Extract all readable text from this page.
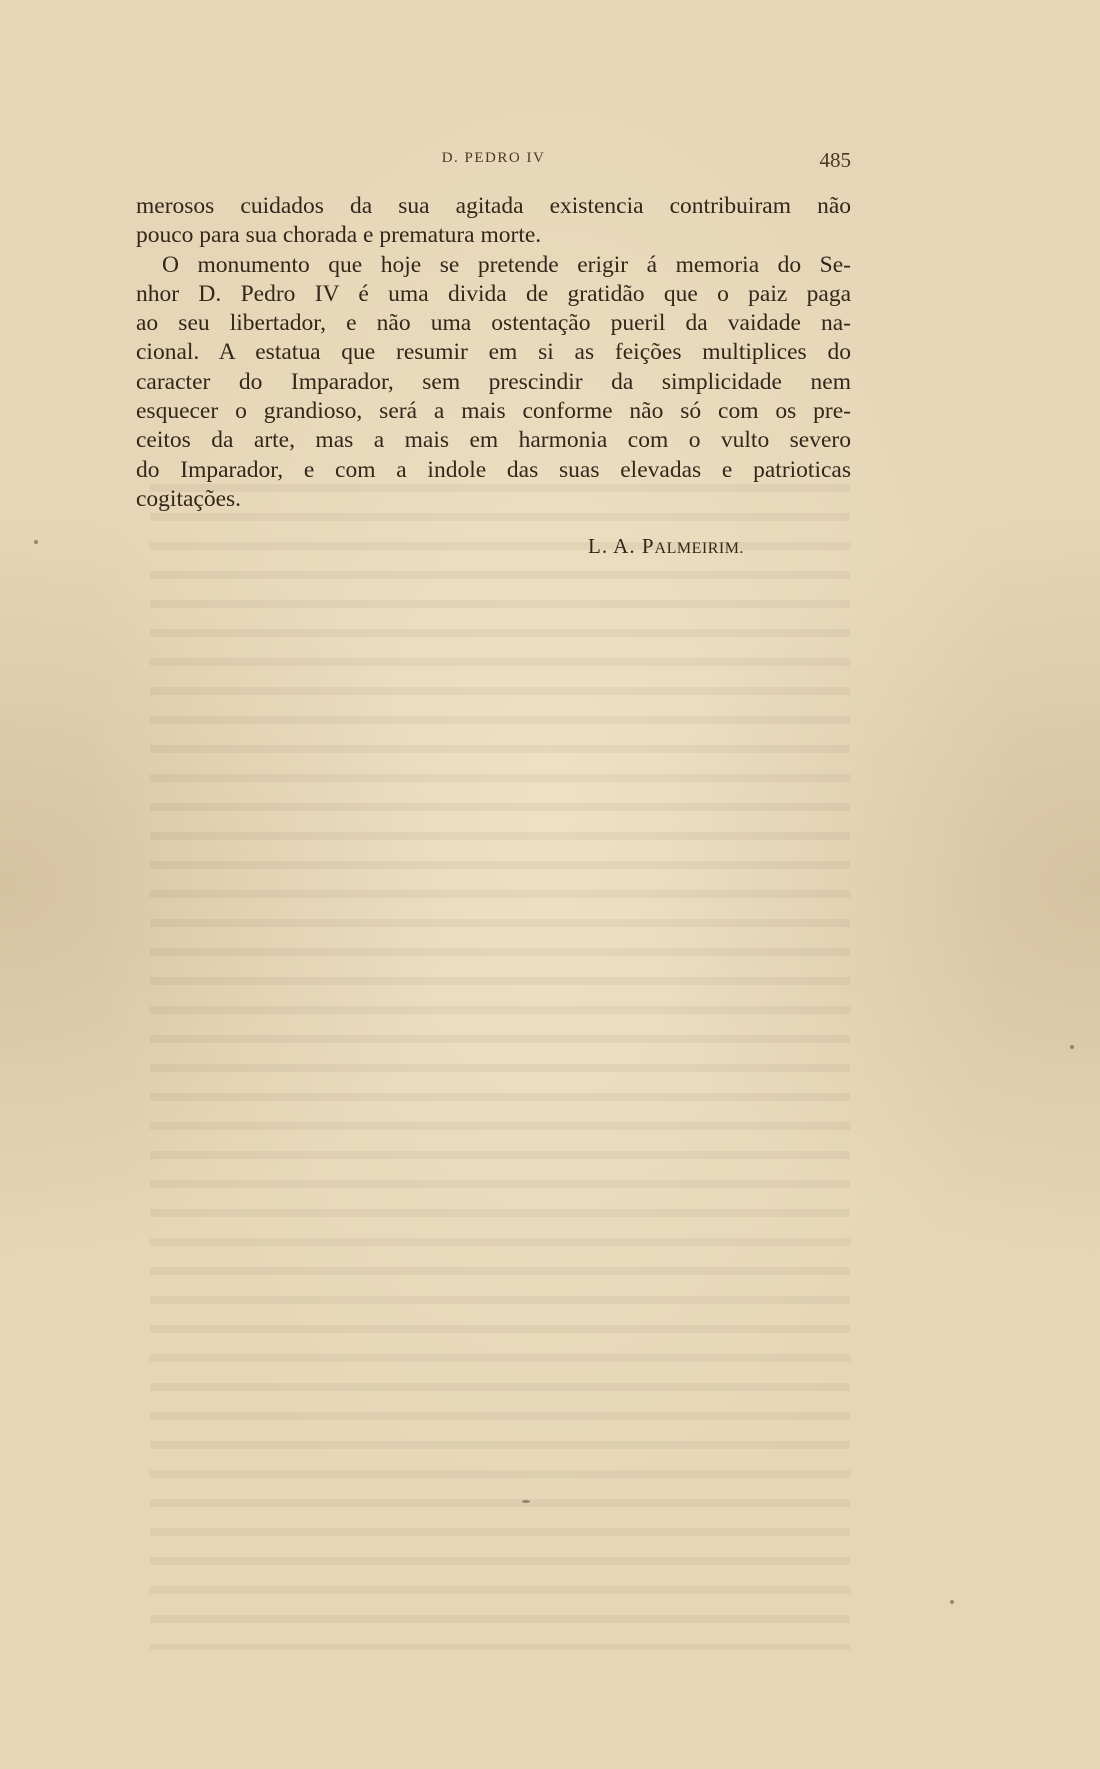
D. PEDRO IV	485
merosos cuidados da sua agitada existencia contribuiram não
pouco para sua chorada e prematura morte.
O monumento que hoje se pretende erigir á memoria do Se-
nhor D. Pedro IV é uma divida de gratidão que o paiz paga
ao seu libertador, e não uma ostentação pueril da vaidade na-
cional. A estatua que resumir em si as feições multiplices do
caracter do Imparador, sem prescindir da simplicidade nem
esquecer o grandioso, será a mais conforme não só com os pre-
ceitos da arte, mas a mais em harmonia com o vulto severo
do Imparador, e com a indole das suas elevadas e patrioticas
cogitações.
L. A. PALMEIRIM.
